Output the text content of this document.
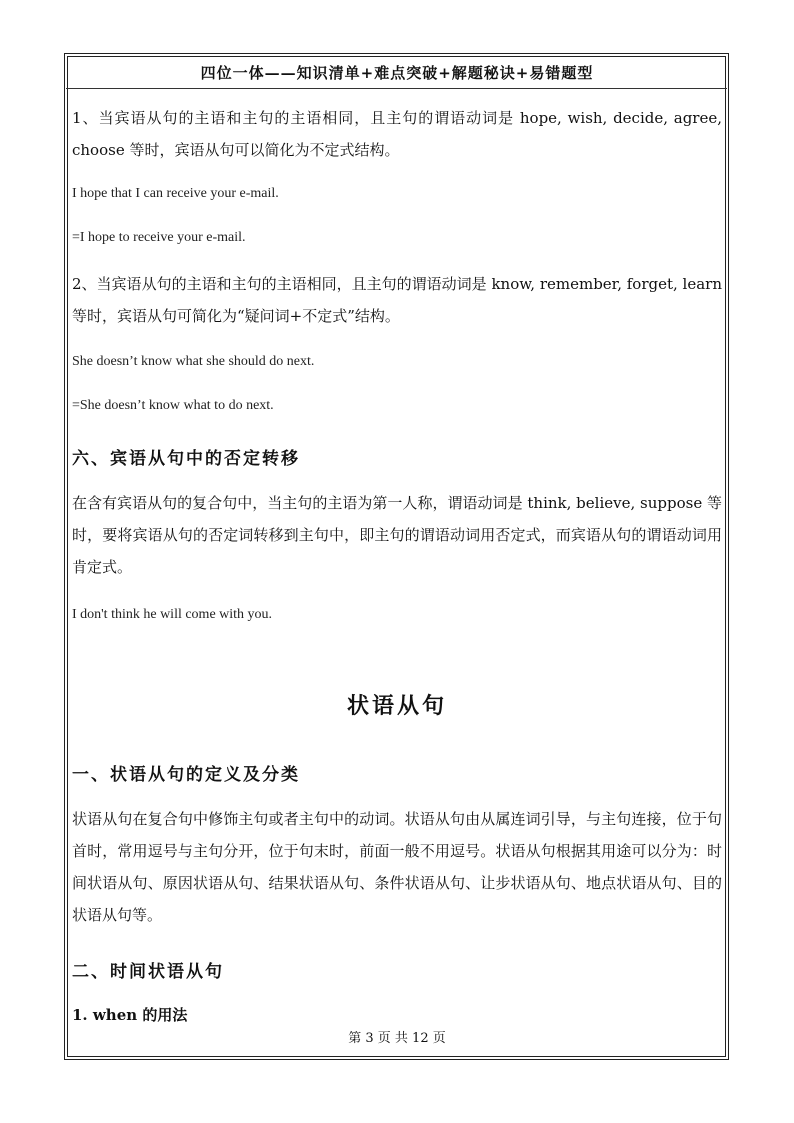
四位一体——知识清单+难点突破+解题秘诀+易错题型

1、当宾语从句的主语和主句的主语相同，且主句的谓语动词是 hope, wish, decide, agree, choose 等时，宾语从句可以简化为不定式结构。

I hope that I can receive your e-mail.

=I hope to receive your e-mail.

2、当宾语从句的主语和主句的主语相同，且主句的谓语动词是 know, remember, forget, learn 等时，宾语从句可简化为“疑问词+不定式”结构。

She doesn’t know what she should do next.

=She doesn’t know what to do next.

六、宾语从句中的否定转移

在含有宾语从句的复合句中，当主句的主语为第一人称，谓语动词是 think, believe, suppose 等时，要将宾语从句的否定词转移到主句中，即主句的谓语动词用否定式，而宾语从句的谓语动词用肯定式。

I don't think he will come with you.

状语从句

一、状语从句的定义及分类

状语从句在复合句中修饰主句或者主句中的动词。状语从句由从属连词引导，与主句连接，位于句首时，常用逗号与主句分开，位于句末时，前面一般不用逗号。状语从句根据其用途可以分为：时间状语从句、原因状语从句、结果状语从句、条件状语从句、让步状语从句、地点状语从句、目的状语从句等。

二、时间状语从句

1. when 的用法

第 3 页 共 12 页
